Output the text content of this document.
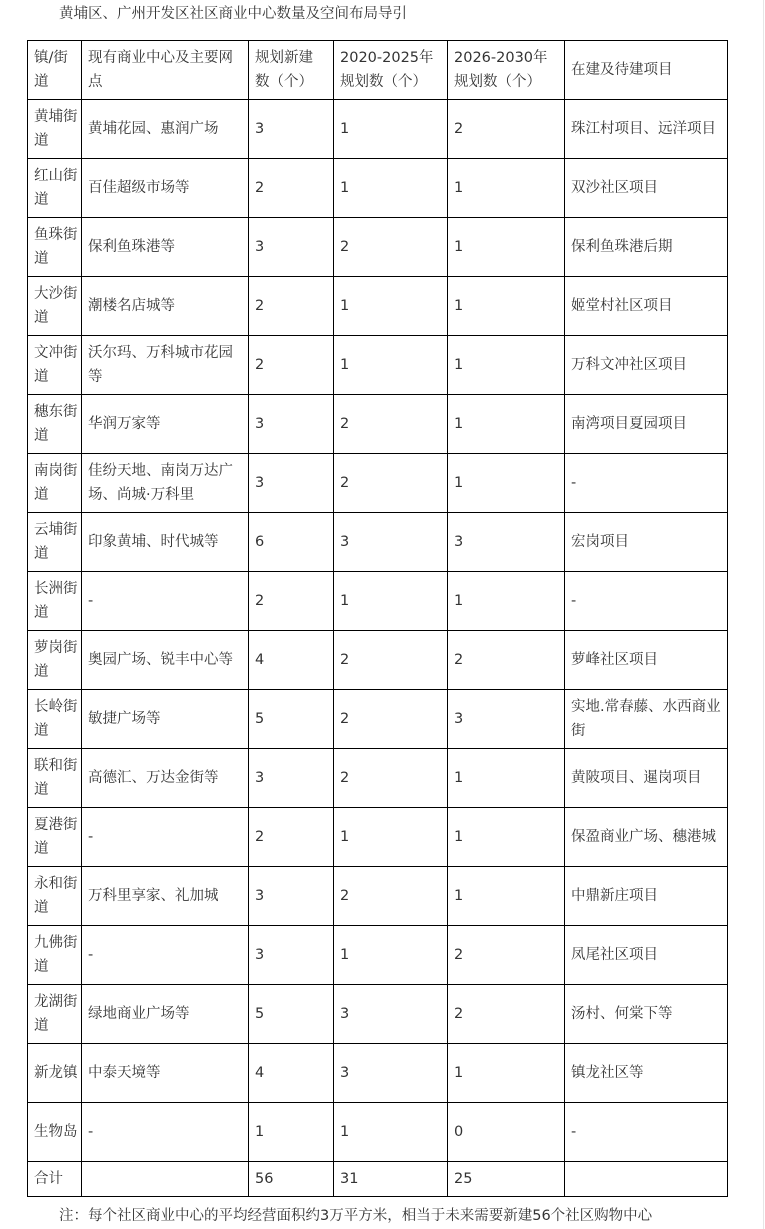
黄埔区、广州开发区社区商业中心数量及空间布局导引
镇/街道	现有商业中心及主要网点	规划新建数（个）	2020-2025年规划数（个）	2026-2030年规划数（个）	在建及待建项目
黄埔街道	黄埔花园、惠润广场	3	1	2	珠江村项目、远洋项目
红山街道	百佳超级市场等	2	1	1	双沙社区项目
鱼珠街道	保利鱼珠港等	3	2	1	保利鱼珠港后期
大沙街道	潮楼名店城等	2	1	1	姬堂村社区项目
文冲街道	沃尔玛、万科城市花园等	2	1	1	万科文冲社区项目
穗东街道	华润万家等	3	2	1	南湾项目夏园项目
南岗街道	佳纷天地、南岗万达广场、尚城·万科里	3	2	1	-
云埔街道	印象黄埔、时代城等	6	3	3	宏岗项目
长洲街道	-	2	1	1	-
萝岗街道	奥园广场、锐丰中心等	4	2	2	萝峰社区项目
长岭街道	敏捷广场等	5	2	3	实地.常春藤、水西商业街
联和街道	高德汇、万达金街等	3	2	1	黄陂项目、暹岗项目
夏港街道	-	2	1	1	保盈商业广场、穗港城
永和街道	万科里享家、礼加城	3	2	1	中鼎新庄项目
九佛街道	-	3	1	2	凤尾社区项目
龙湖街道	绿地商业广场等	5	3	2	汤村、何棠下等
新龙镇	中泰天境等	4	3	1	镇龙社区等
生物岛	-	1	1	0	-
合计		56	31	25	
注：每个社区商业中心的平均经营面积约3万平方米，相当于未来需要新建56个社区购物中心
